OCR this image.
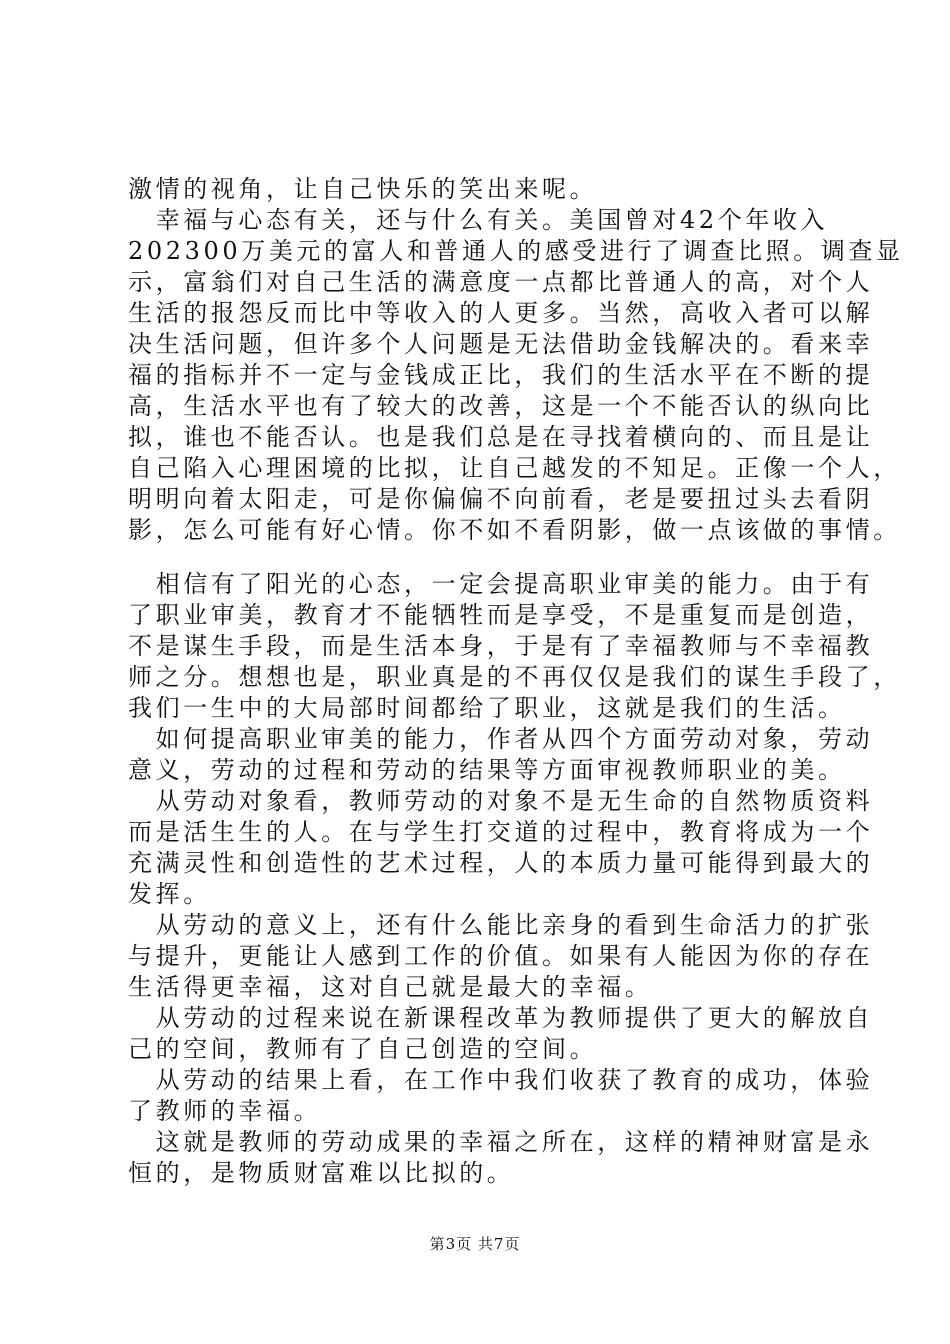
激情的视角，让自己快乐的笑出来呢。
　幸福与心态有关，还与什么有关。美国曾对42个年收入
202300万美元的富人和普通人的感受进行了调查比照。调查显
示，富翁们对自己生活的满意度一点都比普通人的高，对个人
生活的报怨反而比中等收入的人更多。当然，高收入者可以解
决生活问题，但许多个人问题是无法借助金钱解决的。看来幸
福的指标并不一定与金钱成正比，我们的生活水平在不断的提
高，生活水平也有了较大的改善，这是一个不能否认的纵向比
拟，谁也不能否认。也是我们总是在寻找着横向的、而且是让
自己陷入心理困境的比拟，让自己越发的不知足。正像一个人，
明明向着太阳走，可是你偏偏不向前看，老是要扭过头去看阴
影，怎么可能有好心情。你不如不看阴影，做一点该做的事情。
　相信有了阳光的心态，一定会提高职业审美的能力。由于有
了职业审美，教育才不能牺牲而是享受，不是重复而是创造，
不是谋生手段，而是生活本身，于是有了幸福教师与不幸福教
师之分。想想也是，职业真是的不再仅仅是我们的谋生手段了，
我们一生中的大局部时间都给了职业，这就是我们的生活。
　如何提高职业审美的能力，作者从四个方面劳动对象，劳动
意义，劳动的过程和劳动的结果等方面审视教师职业的美。
　从劳动对象看，教师劳动的对象不是无生命的自然物质资料
而是活生生的人。在与学生打交道的过程中，教育将成为一个
充满灵性和创造性的艺术过程，人的本质力量可能得到最大的
发挥。
　从劳动的意义上，还有什么能比亲身的看到生命活力的扩张
与提升，更能让人感到工作的价值。如果有人能因为你的存在
生活得更幸福，这对自己就是最大的幸福。
　从劳动的过程来说在新课程改革为教师提供了更大的解放自
己的空间，教师有了自己创造的空间。
　从劳动的结果上看，在工作中我们收获了教育的成功，体验
了教师的幸福。
　这就是教师的劳动成果的幸福之所在，这样的精神财富是永
恒的，是物质财富难以比拟的。
第3页 共7页
